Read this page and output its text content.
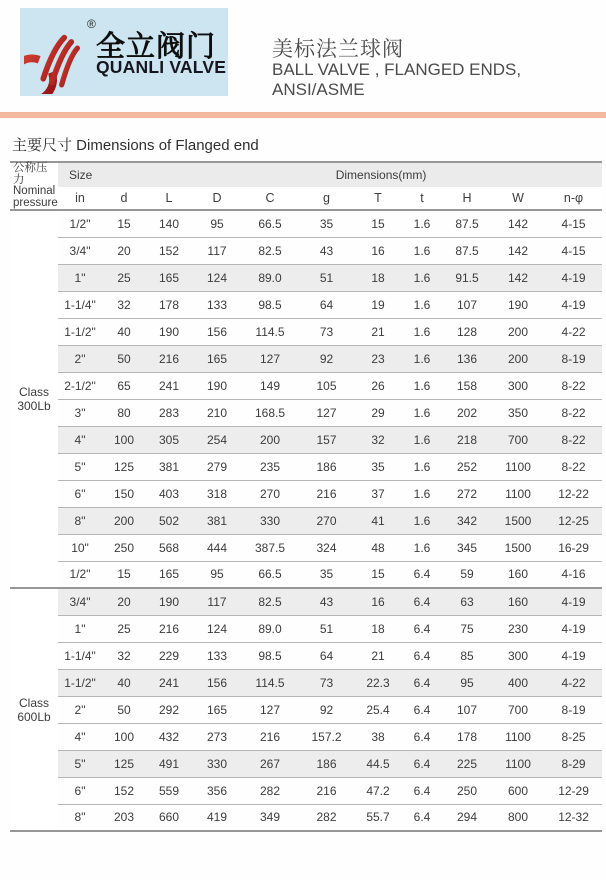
®
全立阀门
QUANLI VALVE
美标法兰球阀
BALL VALVE , FLANGED ENDS, ANSI/ASME
主要尺寸 Dimensions of Flanged end
公称压力
Nominal
pressure	Size	Dimensions(mm)									
	in	d	L	D	C	g	T	t	H	W	n-φ

Class
300Lb	1/2"	15	140	95	66.5	35	15	1.6	87.5	142	4-15
	3/4"	20	152	117	82.5	43	16	1.6	87.5	142	4-15
	1"	25	165	124	89.0	51	18	1.6	91.5	142	4-19
	1-1/4"	32	178	133	98.5	64	19	1.6	107	190	4-19
	1-1/2"	40	190	156	114.5	73	21	1.6	128	200	4-22
	2"	50	216	165	127	92	23	1.6	136	200	8-19
	2-1/2"	65	241	190	149	105	26	1.6	158	300	8-22
	3"	80	283	210	168.5	127	29	1.6	202	350	8-22
	4"	100	305	254	200	157	32	1.6	218	700	8-22
	5"	125	381	279	235	186	35	1.6	252	1100	8-22
	6"	150	403	318	270	216	37	1.6	272	1100	12-22
	8"	200	502	381	330	270	41	1.6	342	1500	12-25
	10"	250	568	444	387.5	324	48	1.6	345	1500	16-29
	1/2"	15	165	95	66.5	35	15	6.4	59	160	4-16

Class
600Lb	3/4"	20	190	117	82.5	43	16	6.4	63	160	4-19
	1"	25	216	124	89.0	51	18	6.4	75	230	4-19
	1-1/4"	32	229	133	98.5	64	21	6.4	85	300	4-19
	1-1/2"	40	241	156	114.5	73	22.3	6.4	95	400	4-22
	2"	50	292	165	127	92	25.4	6.4	107	700	8-19
	4"	100	432	273	216	157.2	38	6.4	178	1100	8-25
	5"	125	491	330	267	186	44.5	6.4	225	1100	8-29
	6"	152	559	356	282	216	47.2	6.4	250	600	12-29
	8"	203	660	419	349	282	55.7	6.4	294	800	12-32
